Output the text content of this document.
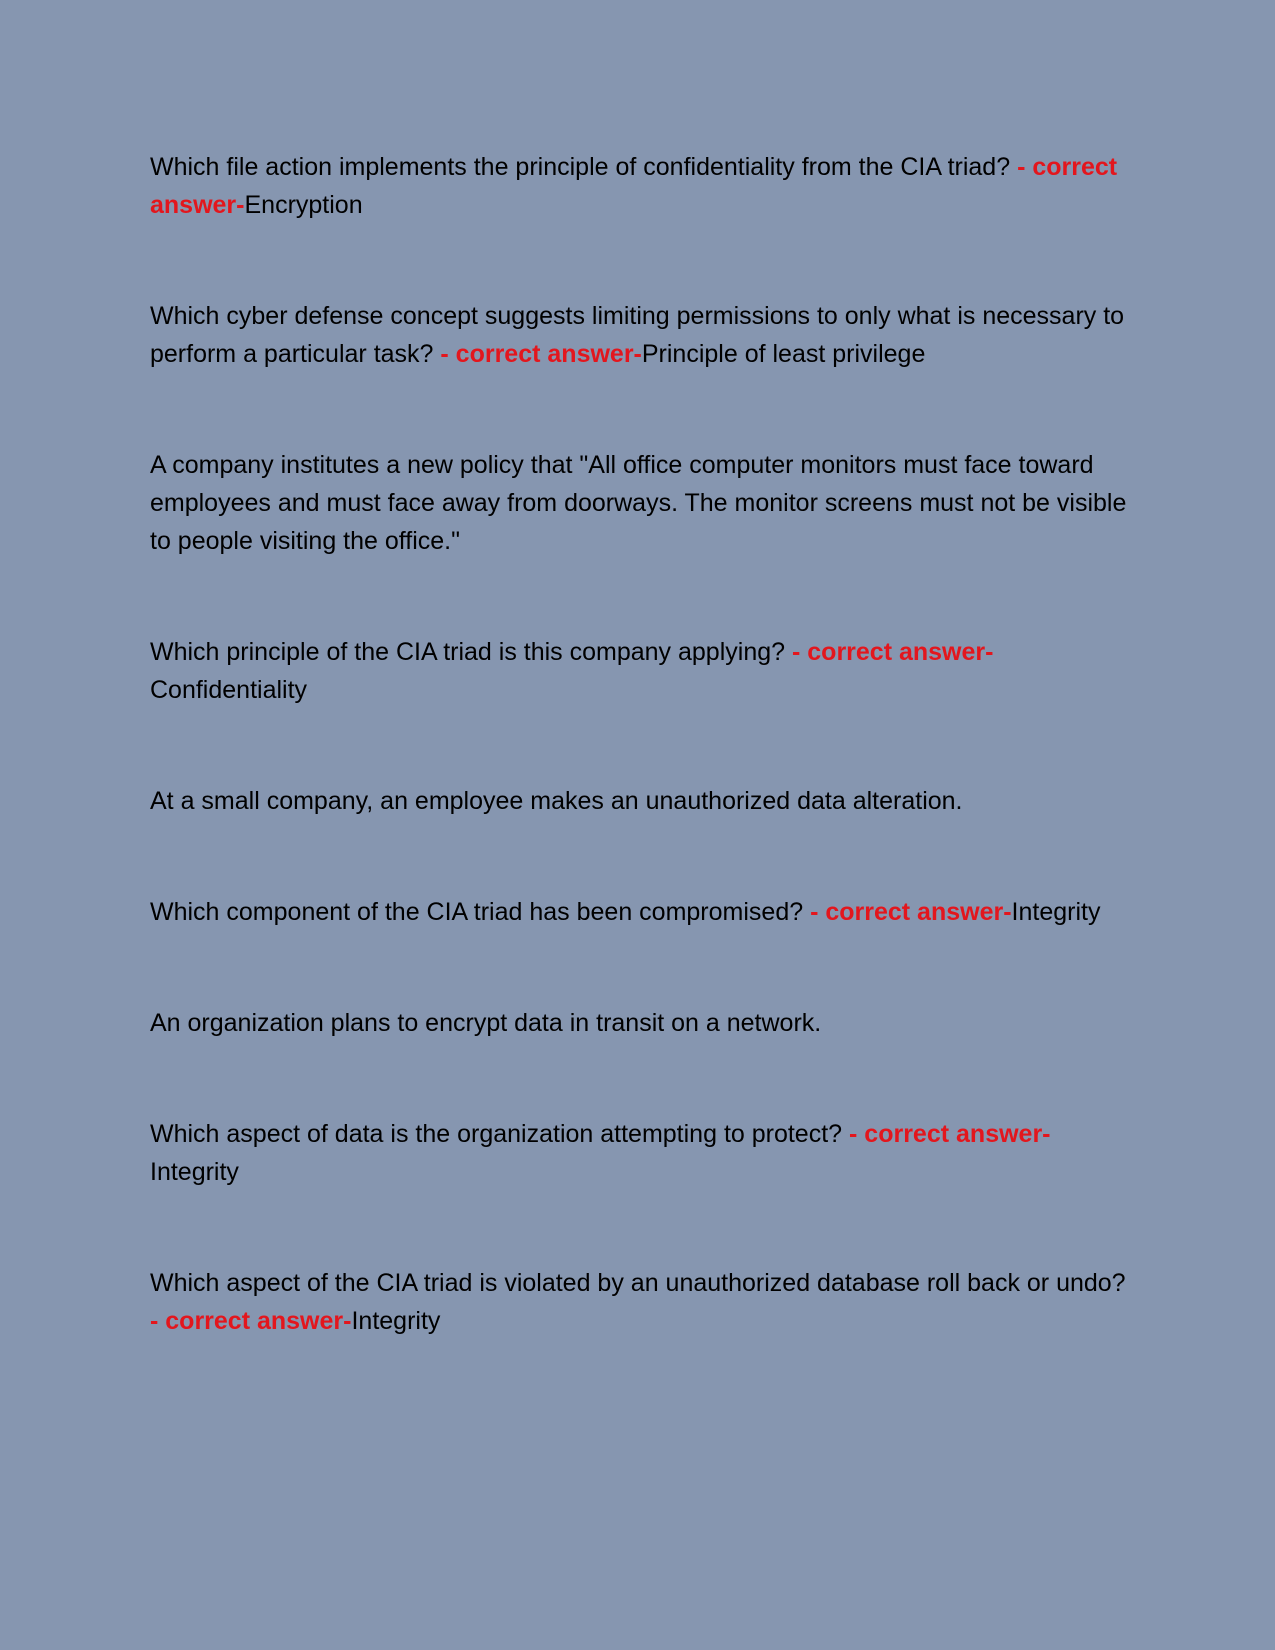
Which file action implements the principle of confidentiality from the CIA triad? - correct answer-Encryption

Which cyber defense concept suggests limiting permissions to only what is necessary to perform a particular task? - correct answer-Principle of least privilege

A company institutes a new policy that "All office computer monitors must face toward employees and must face away from doorways. The monitor screens must not be visible to people visiting the office."

Which principle of the CIA triad is this company applying? - correct answer-Confidentiality

At a small company, an employee makes an unauthorized data alteration.

Which component of the CIA triad has been compromised? - correct answer-Integrity

An organization plans to encrypt data in transit on a network.

Which aspect of data is the organization attempting to protect? - correct answer-Integrity

Which aspect of the CIA triad is violated by an unauthorized database roll back or undo? - correct answer-Integrity
